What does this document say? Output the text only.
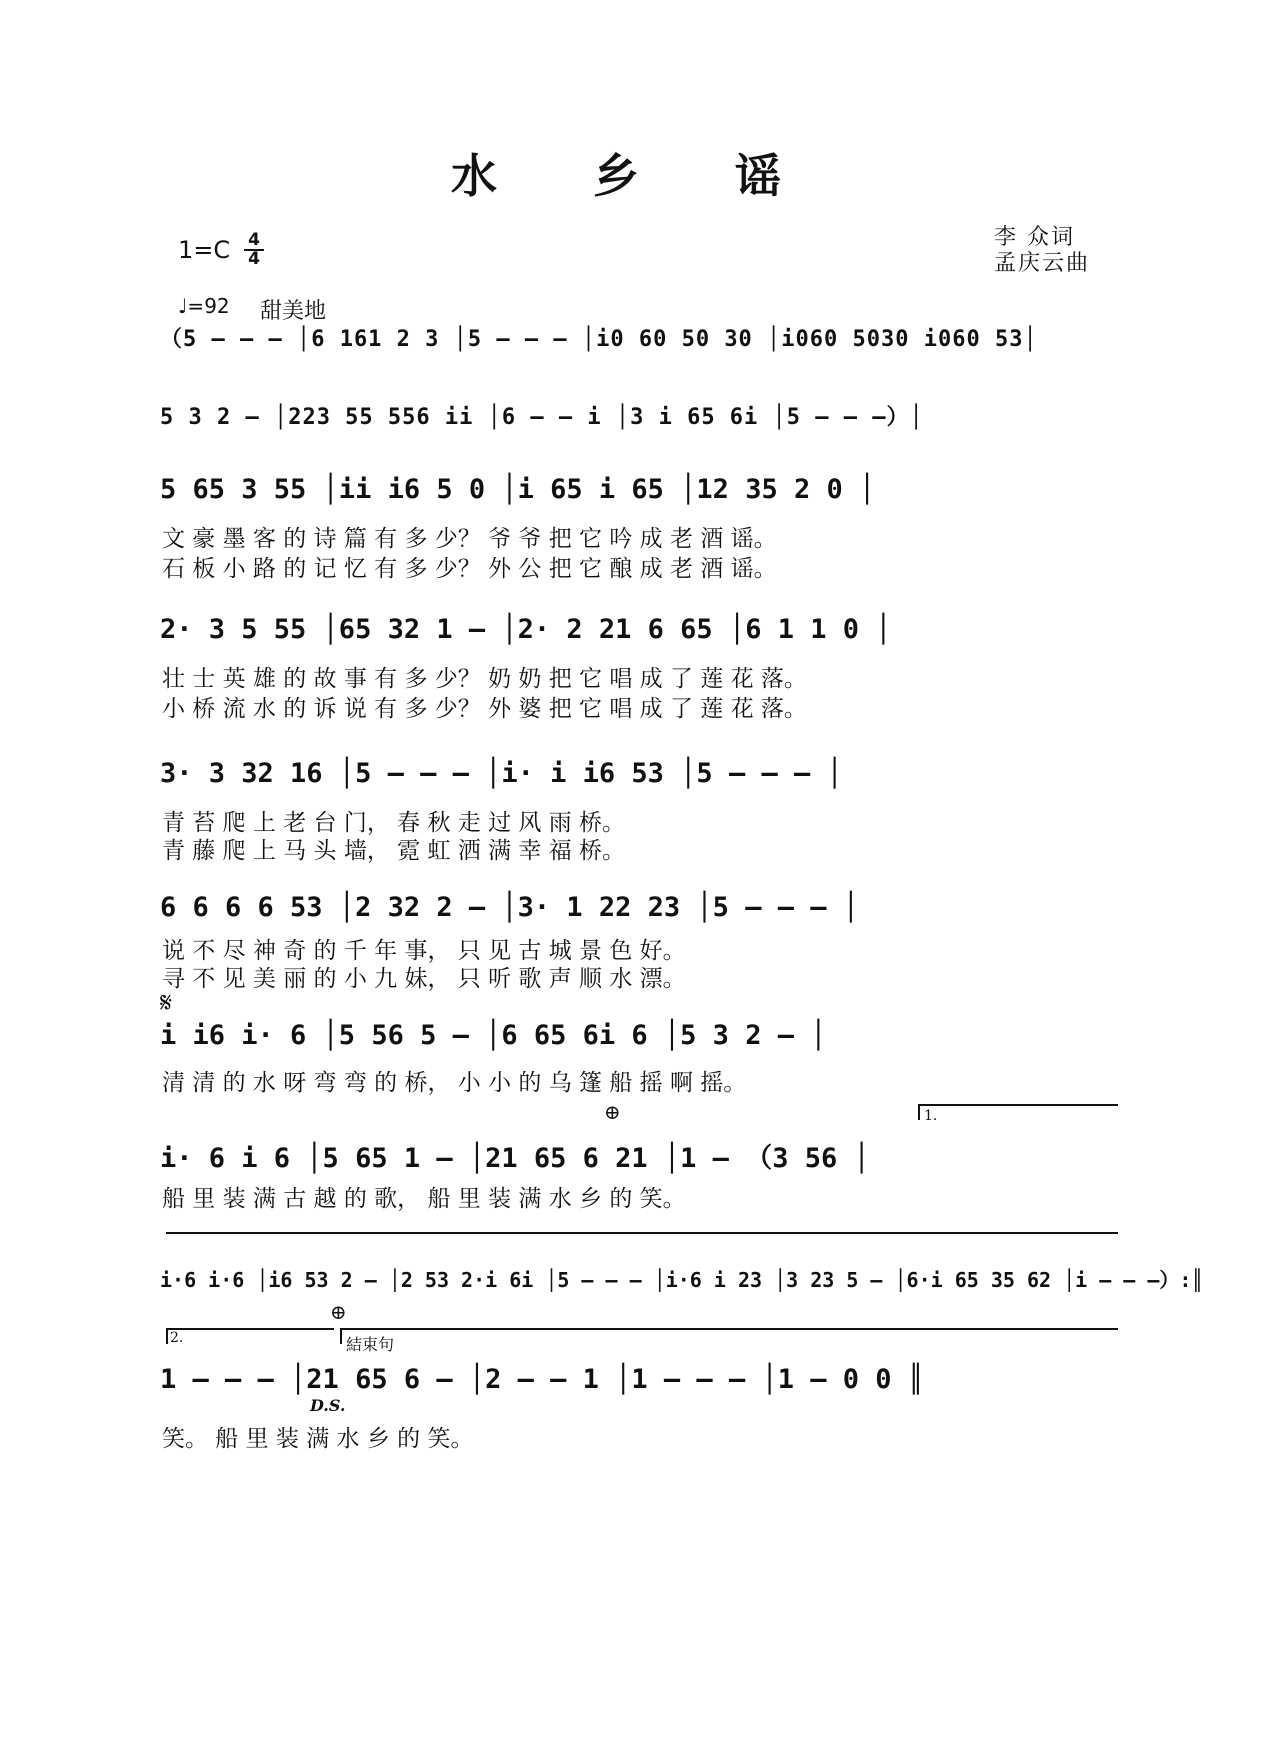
水 乡 谣
1=C 4
4
♩=92 甜美地
李 众词
孟庆云曲
（5 – – – │6 161 2 3 │5 – – – │i0 60 50 30 │i060 5030 i060 53│
5 3 2 – │223 55 556 ii │6 – – i │3 i 65 6i │5 – – –）│
5 65 3 55 │ii i6 5 0 │i 65 i 65 │12 35 2 0 │
2· 3 5 55 │65 32 1 – │2· 2 21 6 65 │6 1 1 0 │
3· 3 32 16 │5 – – – │i· i i6 53 │5 – – – │
6 6 6 6 53 │2 32 2 – │3· 1 22 23 │5 – – – │
i i6 i· 6 │5 56 5 – │6 65 6i 6 │5 3 2 – │
i· 6 i 6 │5 65 1 – │21 65 6 21 │1 – （3 56 │
i·6 i·6 │i6 53 2 – │2 53 2·i 6i │5 – – – │i·6 i 23 │3 23 5 – │6·i 65 35 62 │i – – –）:║
1 – – – │21 65 6 – │2 – – 1 │1 – – – │1 – 0 0 ║
文 豪 墨 客 的 诗 篇 有 多 少？ 爷 爷 把 它 吟 成 老 酒 谣。
石 板 小 路 的 记 忆 有 多 少？ 外 公 把 它 酿 成 老 酒 谣。
壮 士 英 雄 的 故 事 有 多 少？ 奶 奶 把 它 唱 成 了 莲 花 落。
小 桥 流 水 的 诉 说 有 多 少？ 外 婆 把 它 唱 成 了 莲 花 落。
青 苔 爬 上 老 台 门， 春 秋 走 过 风 雨 桥。
青 藤 爬 上 马 头 墙， 霓 虹 洒 满 幸 福 桥。
说 不 尽 神 奇 的 千 年 事， 只 见 古 城 景 色 好。
寻 不 见 美 丽 的 小 九 妹， 只 听 歌 声 顺 水 漂。
清 清 的 水 呀 弯 弯 的 桥， 小 小 的 乌 篷 船 摇 啊 摇。
船 里 装 满 古 越 的 歌， 船 里 装 满 水 乡 的 笑。
笑。 船 里 装 满 水 乡 的 笑。
𝄋
⊕
⊕
1.
2.	結束句
D.S.
